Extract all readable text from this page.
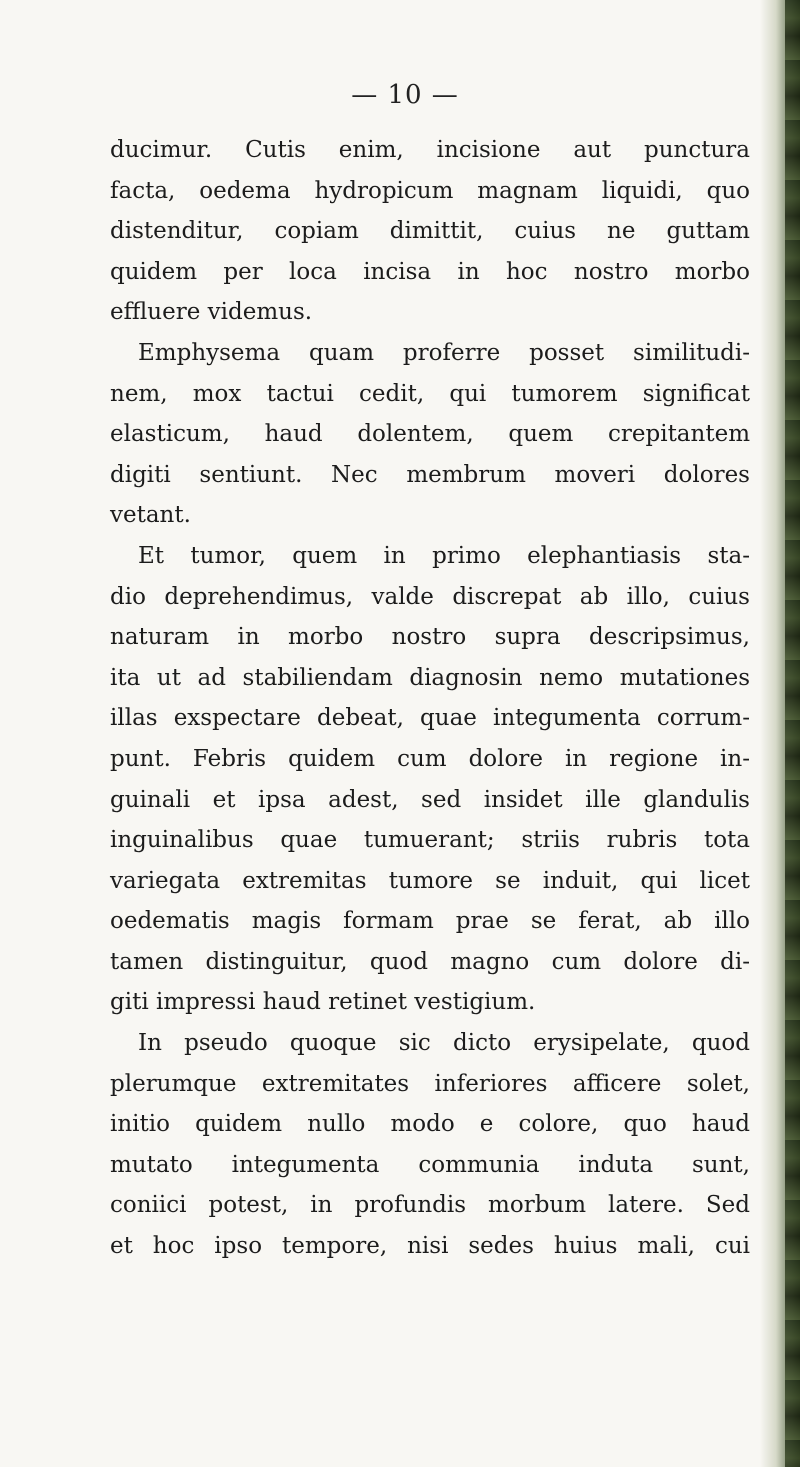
— 10 —
ducimur. Cutis enim, incisione aut punctura
facta, oedema hydropicum magnam liquidi, quo
distenditur, copiam dimittit, cuius ne guttam
quidem per loca incisa in hoc nostro morbo
effluere videmus.
Emphysema quam proferre posset similitudi-
nem, mox tactui cedit, qui tumorem significat
elasticum, haud dolentem, quem crepitantem
digiti sentiunt. Nec membrum moveri dolores
vetant.
Et tumor, quem in primo elephantiasis sta-
dio deprehendimus, valde discrepat ab illo, cuius
naturam in morbo nostro supra descripsimus,
ita ut ad stabiliendam diagnosin nemo mutationes
illas exspectare debeat, quae integumenta corrum-
punt. Febris quidem cum dolore in regione in-
guinali et ipsa adest, sed insidet ille glandulis
inguinalibus quae tumuerant; striis rubris tota
variegata extremitas tumore se induit, qui licet
oedematis magis formam prae se ferat, ab illo
tamen distinguitur, quod magno cum dolore di-
giti impressi haud retinet vestigium.
In pseudo quoque sic dicto erysipelate, quod
plerumque extremitates inferiores afficere solet,
initio quidem nullo modo e colore, quo haud
mutato integumenta communia induta sunt,
coniici potest, in profundis morbum latere. Sed
et hoc ipso tempore, nisi sedes huius mali, cui
